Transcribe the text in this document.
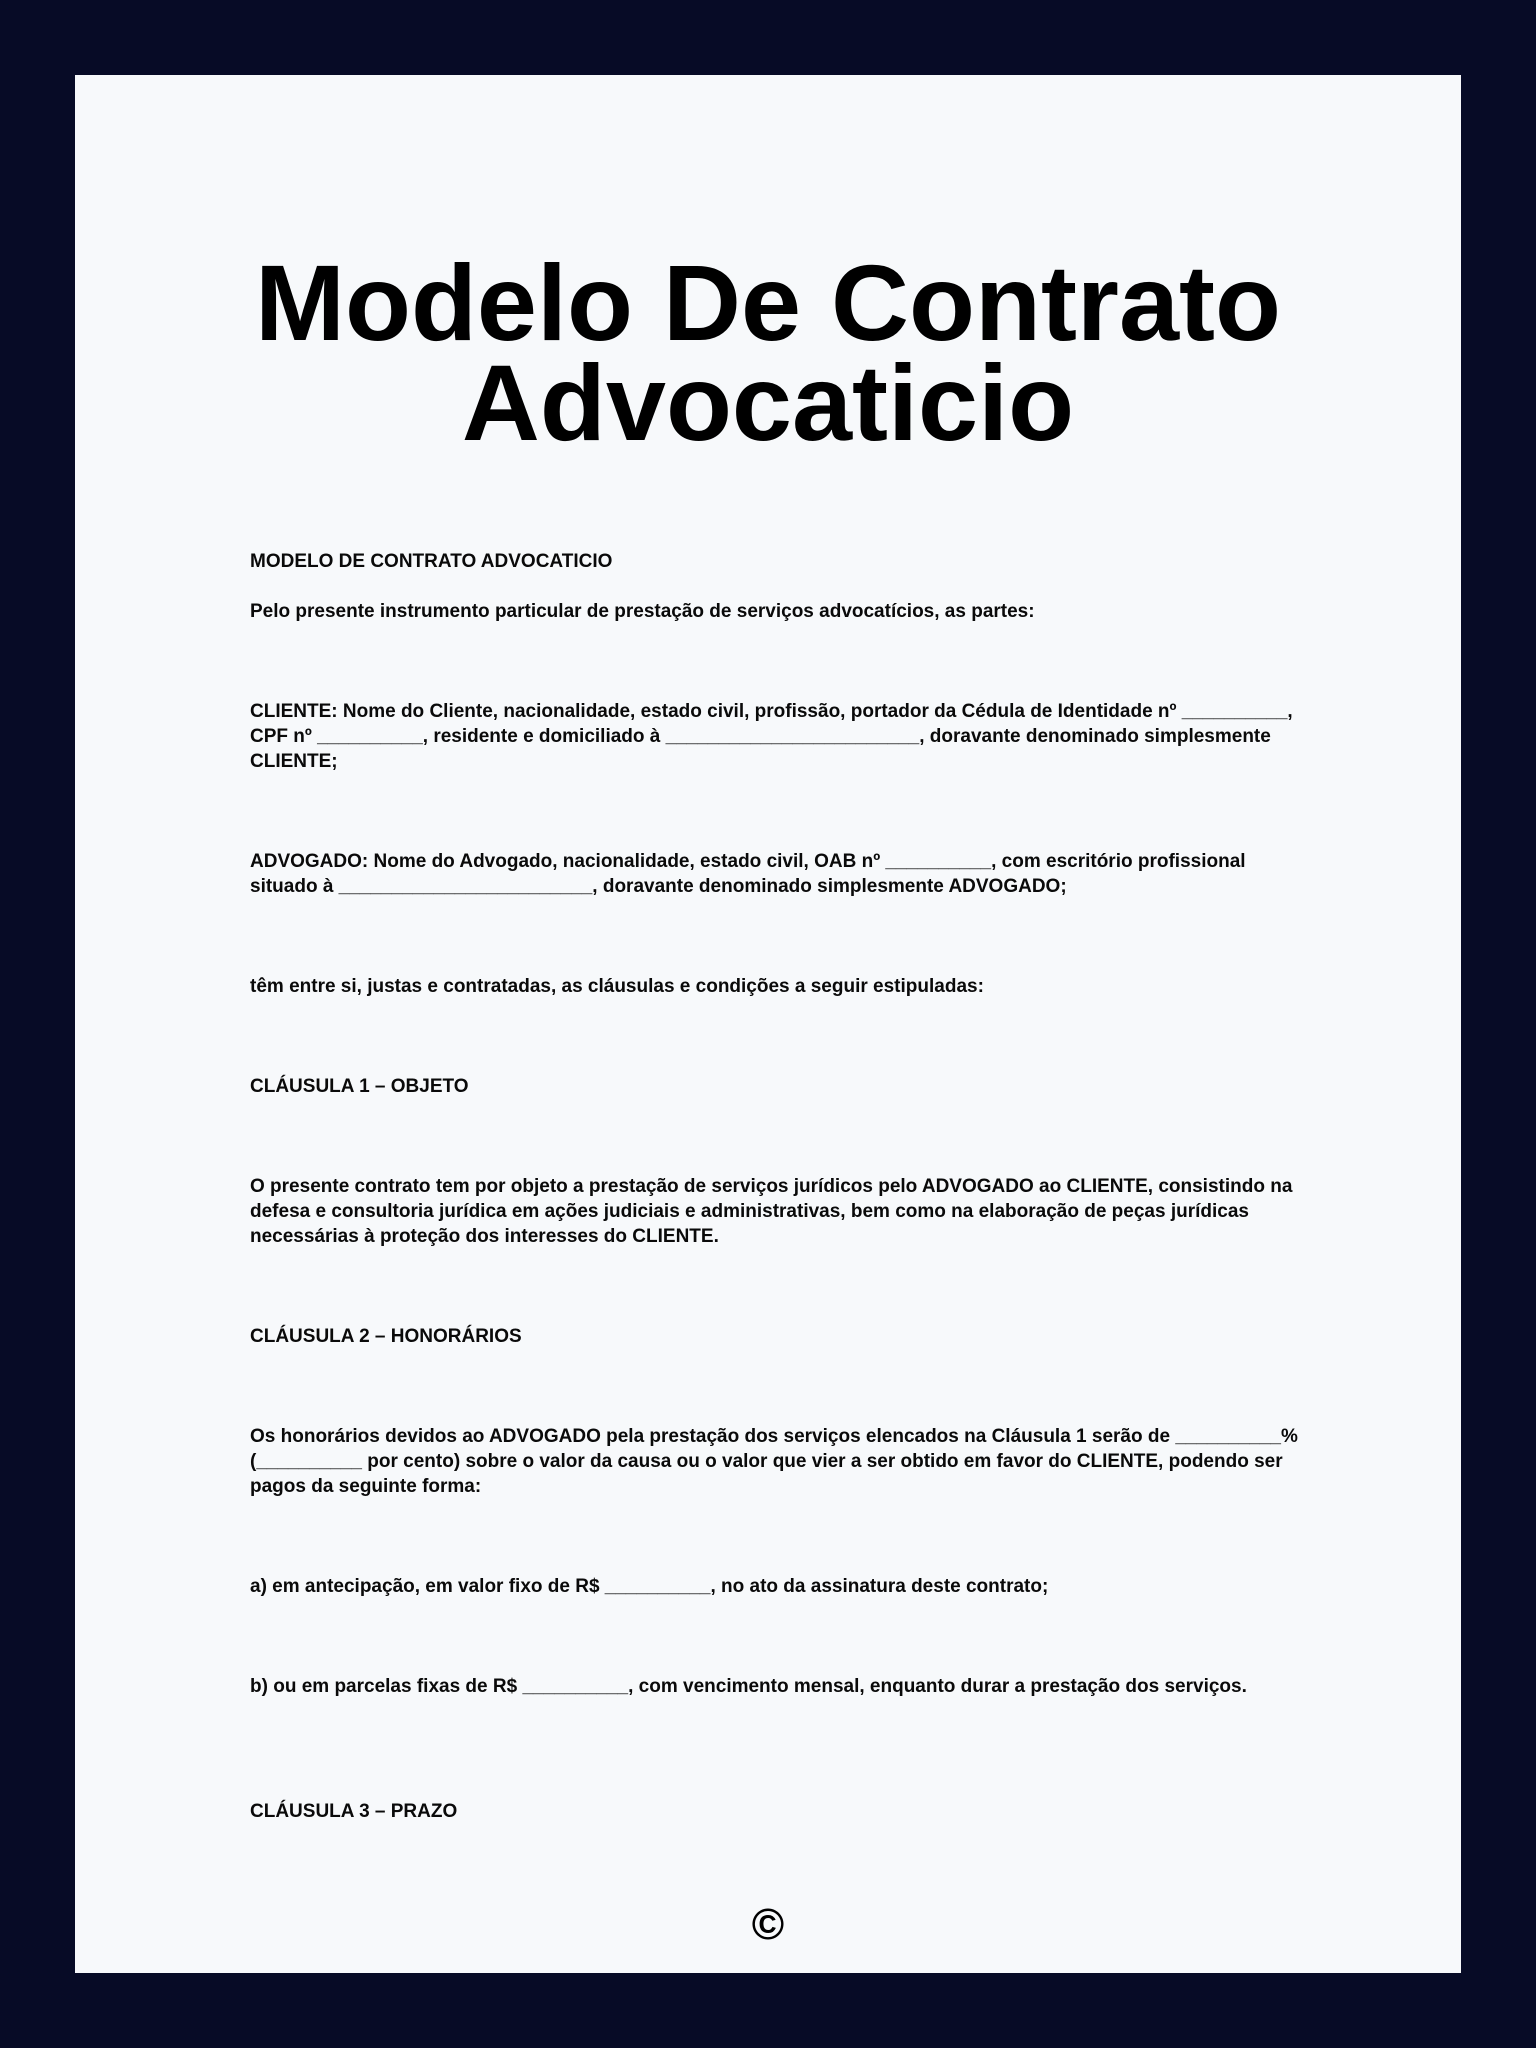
Modelo De Contrato
Advocaticio

MODELO DE CONTRATO ADVOCATICIO

Pelo presente instrumento particular de prestação de serviços advocatícios, as partes:

CLIENTE: Nome do Cliente, nacionalidade, estado civil, profissão, portador da Cédula de Identidade nº __________, CPF nº __________, residente e domiciliado à ________________________, doravante denominado simplesmente CLIENTE;

ADVOGADO: Nome do Advogado, nacionalidade, estado civil, OAB nº __________, com escritório profissional situado à ________________________, doravante denominado simplesmente ADVOGADO;

têm entre si, justas e contratadas, as cláusulas e condições a seguir estipuladas:

CLÁUSULA 1 – OBJETO

O presente contrato tem por objeto a prestação de serviços jurídicos pelo ADVOGADO ao CLIENTE, consistindo na defesa e consultoria jurídica em ações judiciais e administrativas, bem como na elaboração de peças jurídicas necessárias à proteção dos interesses do CLIENTE.

CLÁUSULA 2 – HONORÁRIOS

Os honorários devidos ao ADVOGADO pela prestação dos serviços elencados na Cláusula 1 serão de __________% (__________ por cento) sobre o valor da causa ou o valor que vier a ser obtido em favor do CLIENTE, podendo ser pagos da seguinte forma:

a) em antecipação, em valor fixo de R$ __________, no ato da assinatura deste contrato;

b) ou em parcelas fixas de R$ __________, com vencimento mensal, enquanto durar a prestação dos serviços.

CLÁUSULA 3 – PRAZO

©
